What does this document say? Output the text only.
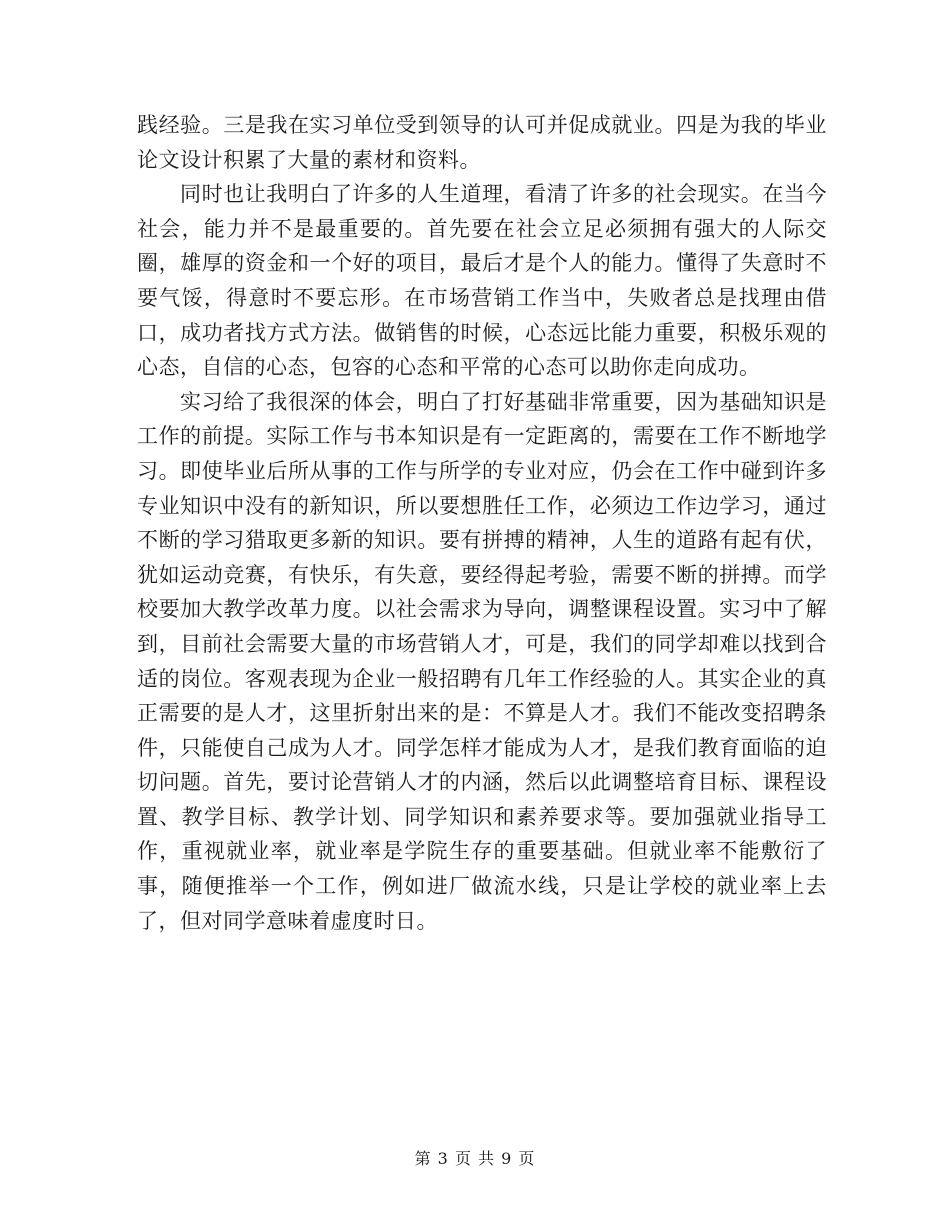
践经验。三是我在实习单位受到领导的认可并促成就业。四是为我的毕业论文设计积累了大量的素材和资料。

同时也让我明白了许多的人生道理，看清了许多的社会现实。在当今社会，能力并不是最重要的。首先要在社会立足必须拥有强大的人际交圈，雄厚的资金和一个好的项目，最后才是个人的能力。懂得了失意时不要气馁，得意时不要忘形。在市场营销工作当中，失败者总是找理由借口，成功者找方式方法。做销售的时候，心态远比能力重要，积极乐观的心态，自信的心态，包容的心态和平常的心态可以助你走向成功。

实习给了我很深的体会，明白了打好基础非常重要，因为基础知识是工作的前提。实际工作与书本知识是有一定距离的，需要在工作不断地学习。即使毕业后所从事的工作与所学的专业对应，仍会在工作中碰到许多专业知识中没有的新知识，所以要想胜任工作，必须边工作边学习，通过不断的学习猎取更多新的知识。要有拼搏的精神，人生的道路有起有伏，犹如运动竞赛，有快乐，有失意，要经得起考验，需要不断的拼搏。而学校要加大教学改革力度。以社会需求为导向，调整课程设置。实习中了解到，目前社会需要大量的市场营销人才，可是，我们的同学却难以找到合适的岗位。客观表现为企业一般招聘有几年工作经验的人。其实企业的真正需要的是人才，这里折射出来的是：不算是人才。我们不能改变招聘条件，只能使自己成为人才。同学怎样才能成为人才，是我们教育面临的迫切问题。首先，要讨论营销人才的内涵，然后以此调整培育目标、课程设置、教学目标、教学计划、同学知识和素养要求等。要加强就业指导工作，重视就业率，就业率是学院生存的重要基础。但就业率不能敷衍了事，随便推举一个工作，例如进厂做流水线，只是让学校的就业率上去了，但对同学意味着虚度时日。

第 3 页 共 9 页
